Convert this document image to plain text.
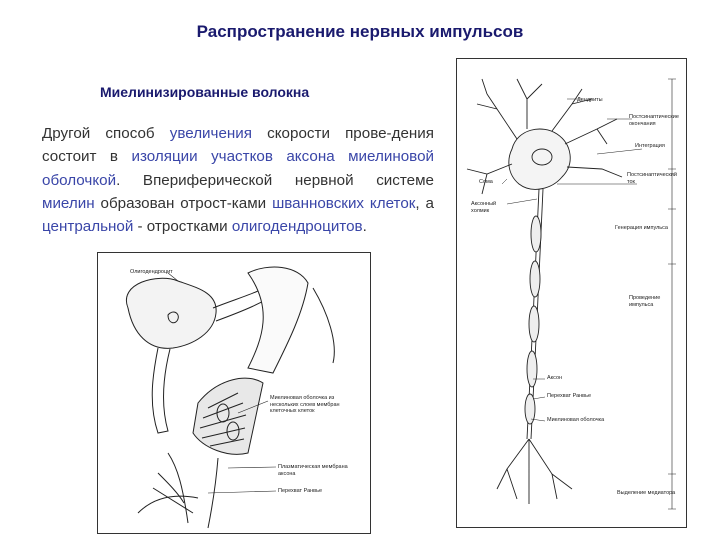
Распространение нервных импульсов
Миелинизированные волокна
Другой способ увеличения скорости прове-дения состоит в изоляции участков аксона миелиновой оболочкой. Впериферической нервной системе миелин образован отрост-ками шванновских клеток, а центральной - отростками олигодендроцитов.
Олигодендроцит
Миелиновая оболочка из нескольких слоев мембран клеточных клеток
Плазматическая мембрана аксона
Перехват Ранвье
Дендриты
Постсинаптические окончания
Интеграция
Сома
Постсинаптический ток
Аксонный холмик
Генерация импульса
Проведение импульса
Аксон
Перехват Ранвье
Миелиновая оболочка
Выделение медиатора
